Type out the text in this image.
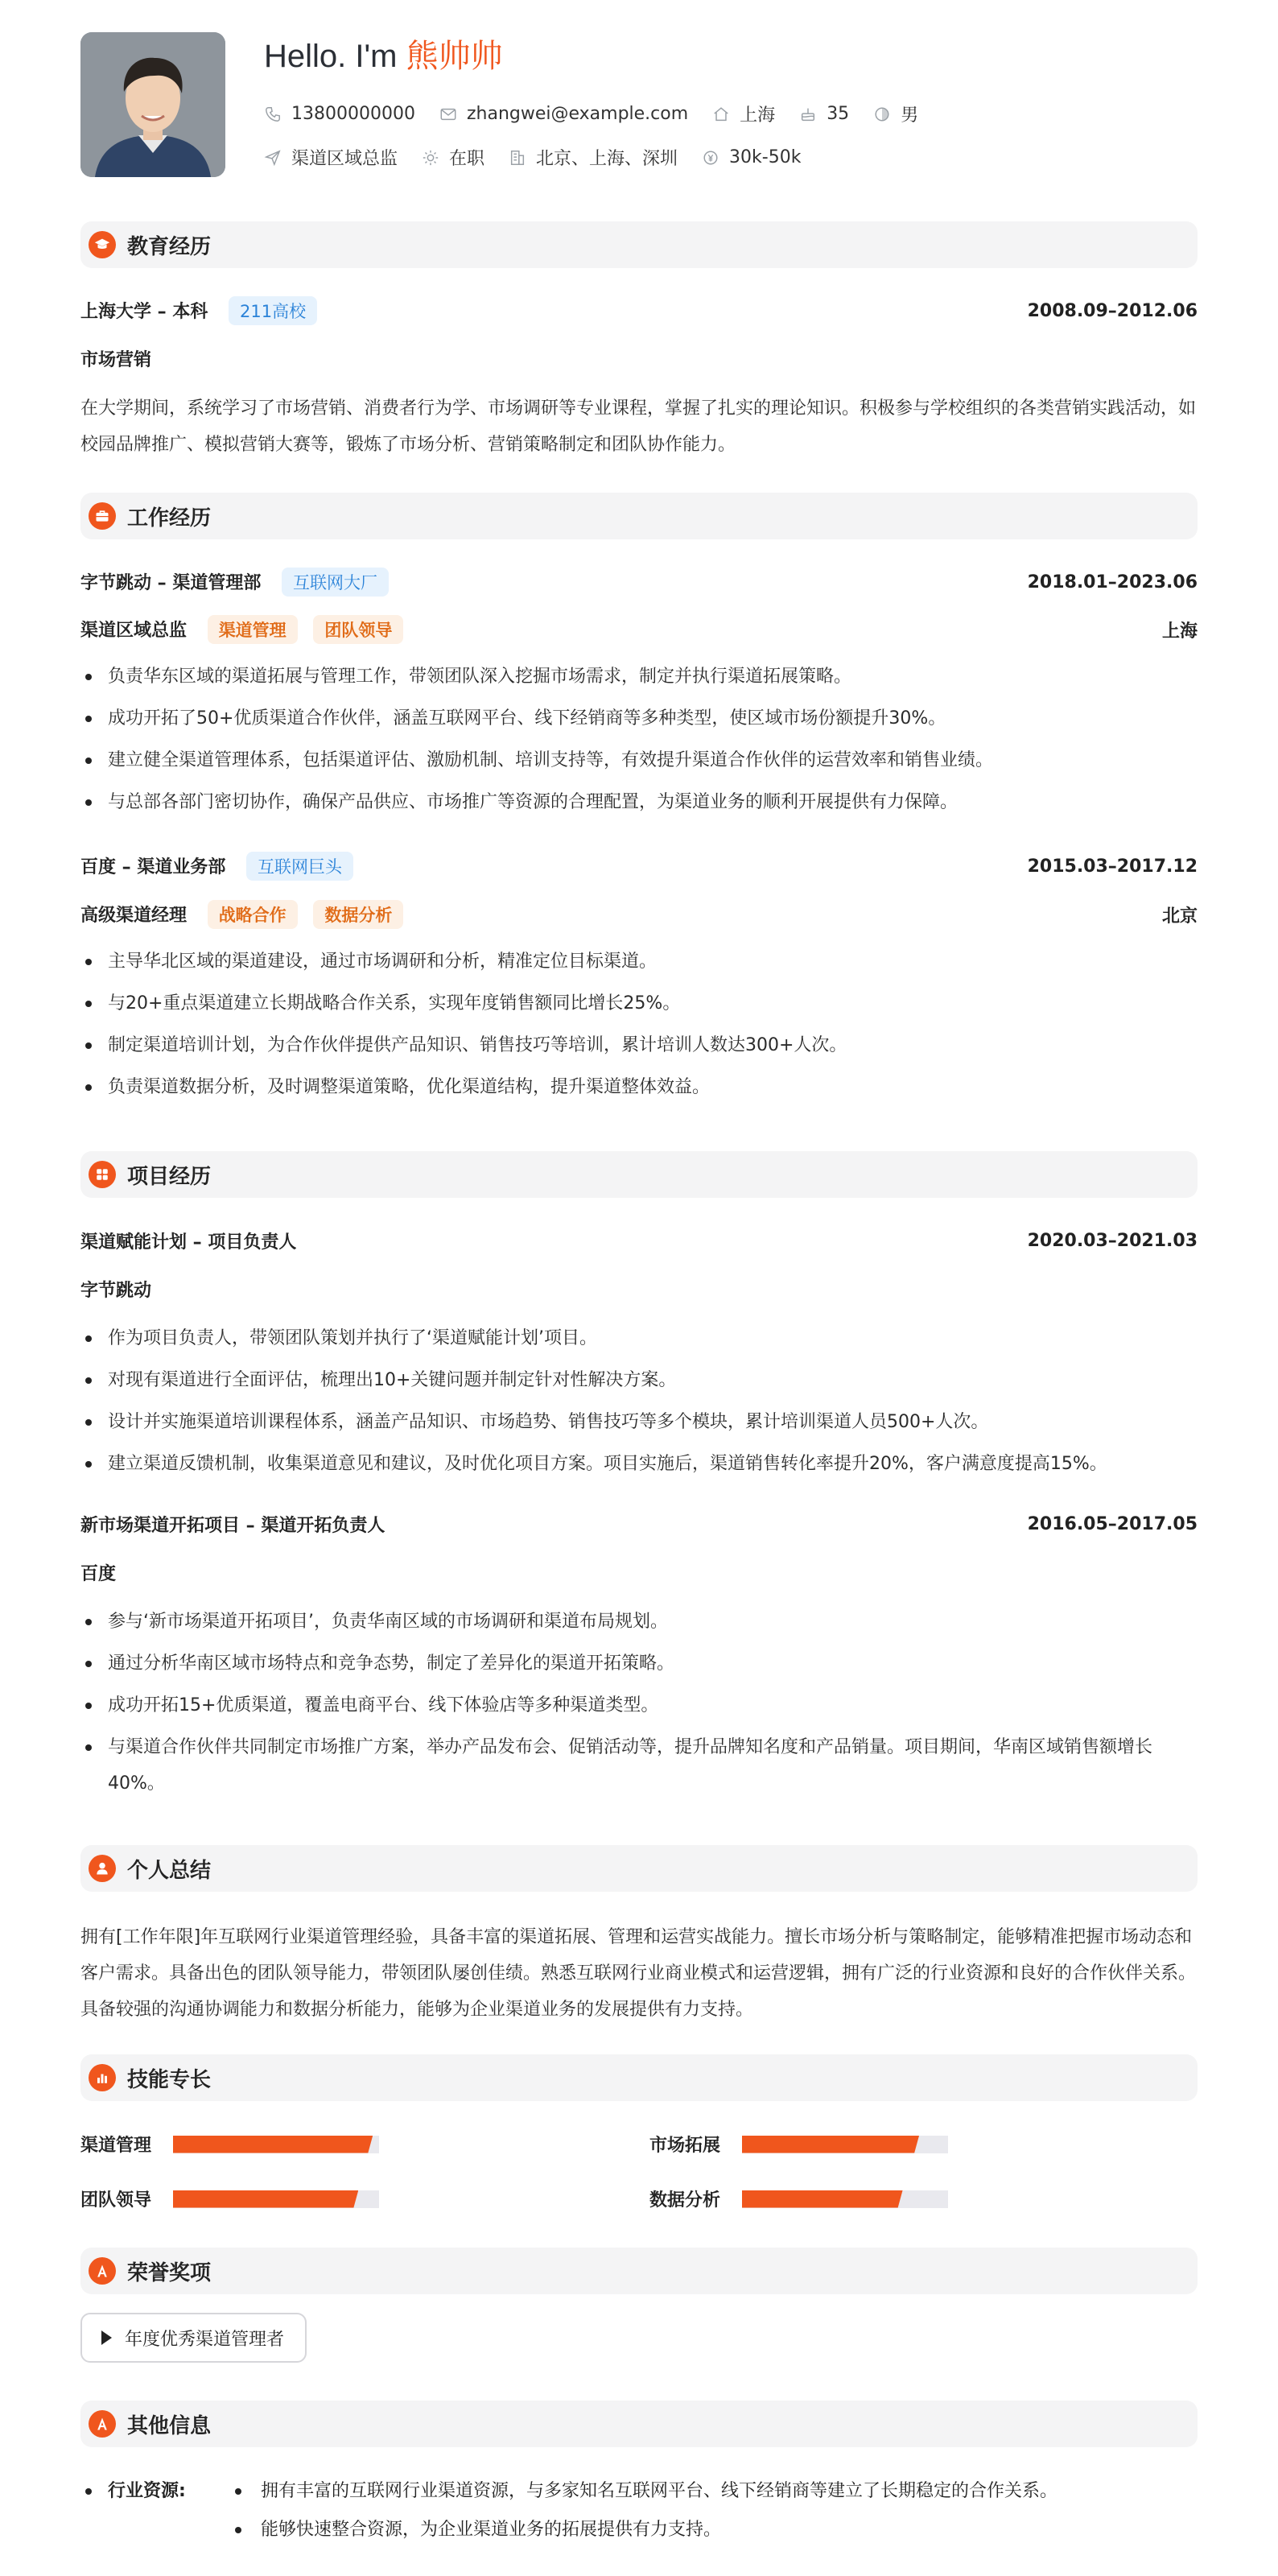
Hello. I'm 熊帅帅
13800000000	zhangwei@example.com	上海	35	男
渠道区域总监	在职	北京、上海、深圳	30k-50k
教育经历
上海大学 – 本科 211高校	2008.09–2012.06
市场营销
在大学期间，系统学习了市场营销、消费者行为学、市场调研等专业课程，掌握了扎实的理论知识。积极参与学校组织的各类营销实践活动，如校园品牌推广、模拟营销大赛等，锻炼了市场分析、营销策略制定和团队协作能力。
工作经历
字节跳动 – 渠道管理部 互联网大厂	2018.01–2023.06
渠道区域总监 渠道管理 团队领导	上海
负责华东区域的渠道拓展与管理工作，带领团队深入挖掘市场需求，制定并执行渠道拓展策略。
成功开拓了50+优质渠道合作伙伴，涵盖互联网平台、线下经销商等多种类型，使区域市场份额提升30%。
建立健全渠道管理体系，包括渠道评估、激励机制、培训支持等，有效提升渠道合作伙伴的运营效率和销售业绩。
与总部各部门密切协作，确保产品供应、市场推广等资源的合理配置，为渠道业务的顺利开展提供有力保障。
百度 – 渠道业务部 互联网巨头	2015.03–2017.12
高级渠道经理 战略合作 数据分析	北京
主导华北区域的渠道建设，通过市场调研和分析，精准定位目标渠道。
与20+重点渠道建立长期战略合作关系，实现年度销售额同比增长25%。
制定渠道培训计划，为合作伙伴提供产品知识、销售技巧等培训，累计培训人数达300+人次。
负责渠道数据分析，及时调整渠道策略，优化渠道结构，提升渠道整体效益。
项目经历
渠道赋能计划 – 项目负责人	2020.03–2021.03
字节跳动
作为项目负责人，带领团队策划并执行了‘渠道赋能计划’项目。
对现有渠道进行全面评估，梳理出10+关键问题并制定针对性解决方案。
设计并实施渠道培训课程体系，涵盖产品知识、市场趋势、销售技巧等多个模块，累计培训渠道人员500+人次。
建立渠道反馈机制，收集渠道意见和建议，及时优化项目方案。项目实施后，渠道销售转化率提升20%，客户满意度提高15%。
新市场渠道开拓项目 – 渠道开拓负责人	2016.05–2017.05
百度
参与‘新市场渠道开拓项目’，负责华南区域的市场调研和渠道布局规划。
通过分析华南区域市场特点和竞争态势，制定了差异化的渠道开拓策略。
成功开拓15+优质渠道，覆盖电商平台、线下体验店等多种渠道类型。
与渠道合作伙伴共同制定市场推广方案，举办产品发布会、促销活动等，提升品牌知名度和产品销量。项目期间，华南区域销售额增长40%。
个人总结
拥有[工作年限]年互联网行业渠道管理经验，具备丰富的渠道拓展、管理和运营实战能力。擅长市场分析与策略制定，能够精准把握市场动态和客户需求。具备出色的团队领导能力，带领团队屡创佳绩。熟悉互联网行业商业模式和运营逻辑，拥有广泛的行业资源和良好的合作伙伴关系。具备较强的沟通协调能力和数据分析能力，能够为企业渠道业务的发展提供有力支持。
技能专长
渠道管理	市场拓展
团队领导	数据分析
荣誉奖项
年度优秀渠道管理者
其他信息
行业资源:	拥有丰富的互联网行业渠道资源，与多家知名互联网平台、线下经销商等建立了长期稳定的合作关系。
能够快速整合资源，为企业渠道业务的拓展提供有力支持。
